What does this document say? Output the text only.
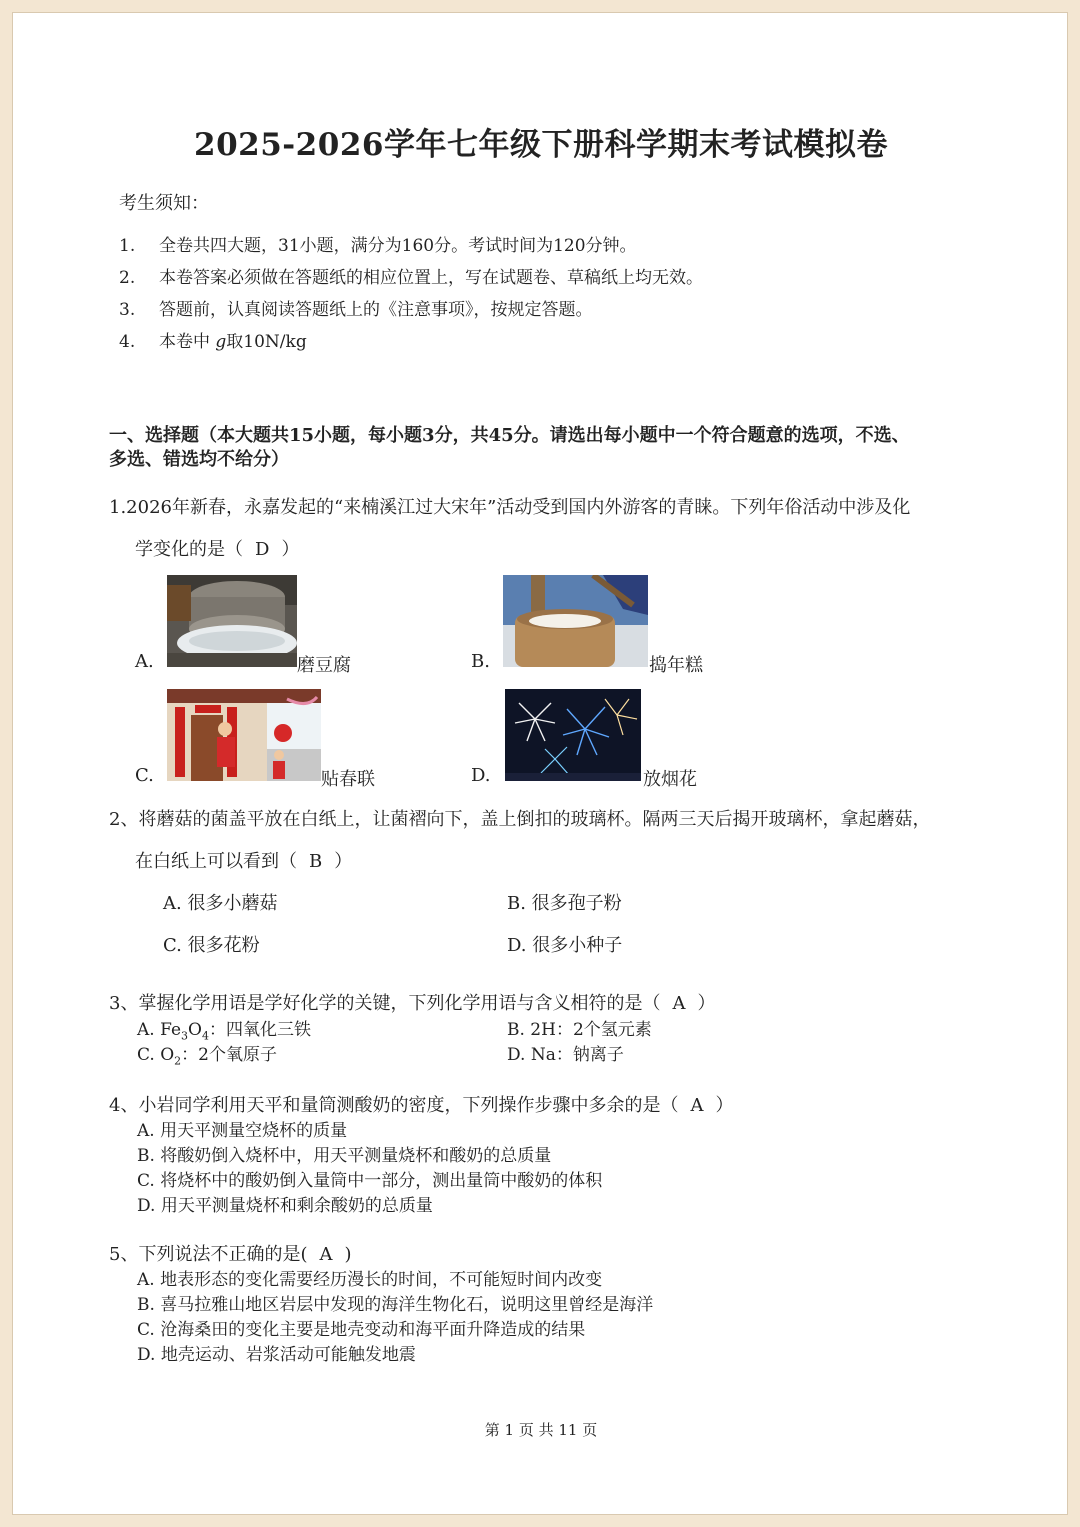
2025-2026学年七年级下册科学期末考试模拟卷
考生须知：
1. 全卷共四大题，31小题，满分为160分。考试时间为120分钟。
2. 本卷答案必须做在答题纸的相应位置上，写在试题卷、草稿纸上均无效。
3. 答题前，认真阅读答题纸上的《注意事项》，按规定答题。
4. 本卷中 g取10N/kg
一、选择题（本大题共15小题，每小题3分，共45分。请选出每小题中一个符合题意的选项，不选、
多选、错选均不给分）
1.2026年新春，永嘉发起的“来楠溪江过大宋年”活动受到国内外游客的青睐。下列年俗活动中涉及化
学变化的是（ D ）
A.	磨豆腐	B.	捣年糕
C.	贴春联	D.	放烟花
2、将蘑菇的菌盖平放在白纸上，让菌褶向下，盖上倒扣的玻璃杯。隔两三天后揭开玻璃杯，拿起蘑菇，
在白纸上可以看到（ B ）
A. 很多小蘑菇	B. 很多孢子粉
C. 很多花粉	D. 很多小种子
3、掌握化学用语是学好化学的关键，下列化学用语与含义相符的是（ A ）
A. $Fe_3O_4$：四氧化三铁	B. 2H：2个氢元素
C. $O_2$：2个氧原子	D. Na：钠离子
4、小岩同学利用天平和量筒测酸奶的密度，下列操作步骤中多余的是（ A ）
A. 用天平测量空烧杯的质量
B. 将酸奶倒入烧杯中，用天平测量烧杯和酸奶的总质量
C. 将烧杯中的酸奶倒入量筒中一部分，测出量筒中酸奶的体积
D. 用天平测量烧杯和剩余酸奶的总质量
5、下列说法不正确的是( A )
A. 地表形态的变化需要经历漫长的时间，不可能短时间内改变
B. 喜马拉雅山地区岩层中发现的海洋生物化石，说明这里曾经是海洋
C. 沧海桑田的变化主要是地壳变动和海平面升降造成的结果
D. 地壳运动、岩浆活动可能触发地震
第 1 页 共 11 页
